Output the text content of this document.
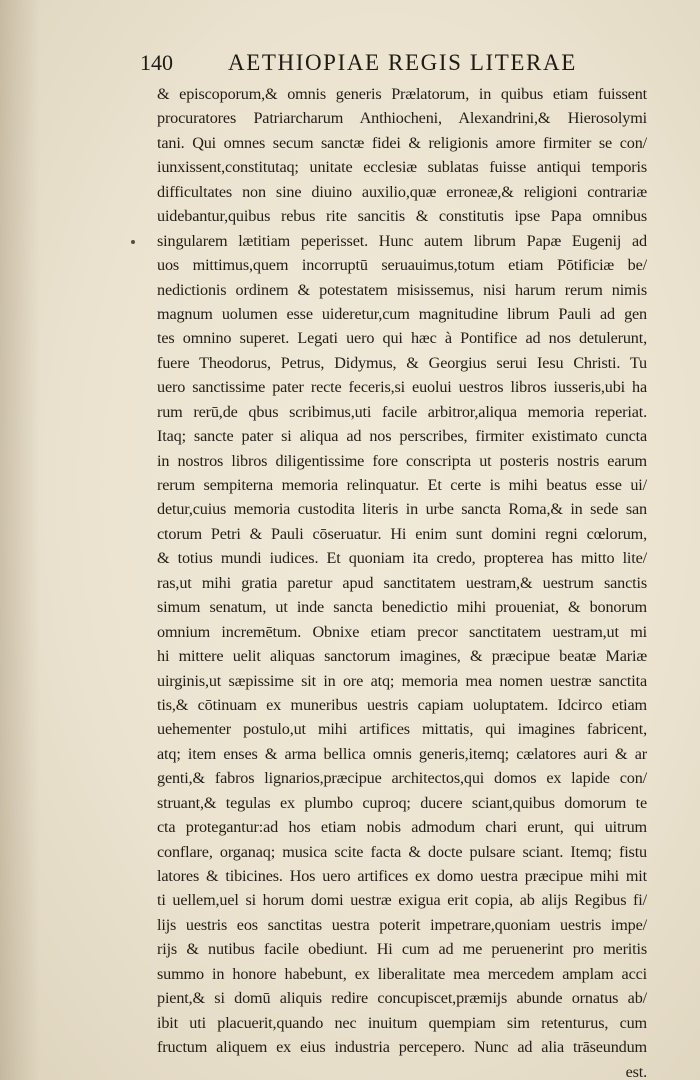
140 AETHIOPIAE REGIS LITERAE
& episcoporum,& omnis generis Prælatorum, in quibus etiam fuissent
procuratores Patriarcharum Anthiocheni, Alexandrini,& Hierosolymi
tani. Qui omnes secum sanctæ fidei & religionis amore firmiter se con/
iunxissent,constitutaq; unitate ecclesiæ sublatas fuisse antiqui temporis
difficultates non sine diuino auxilio,quæ erroneæ,& religioni contrariæ
uidebantur,quibus rebus rite sancitis & constitutis ipse Papa omnibus
singularem lætitiam peperisset. Hunc autem librum Papæ Eugenij ad
uos mittimus,quem incorruptū seruauimus,totum etiam Pōtificiæ be/
nedictionis ordinem & potestatem misissemus, nisi harum rerum nimis
magnum uolumen esse uideretur,cum magnitudine librum Pauli ad gen
tes omnino superet. Legati uero qui hæc à Pontifice ad nos detulerunt,
fuere Theodorus, Petrus, Didymus, & Georgius serui Iesu Christi. Tu
uero sanctissime pater recte feceris,si euolui uestros libros iusseris,ubi ha
rum rerū,de qbus scribimus,uti facile arbitror,aliqua memoria reperiat.
Itaq; sancte pater si aliqua ad nos perscribes, firmiter existimato cuncta
in nostros libros diligentissime fore conscripta ut posteris nostris earum
rerum sempiterna memoria relinquatur. Et certe is mihi beatus esse ui/
detur,cuius memoria custodita literis in urbe sancta Roma,& in sede san
ctorum Petri & Pauli cōseruatur. Hi enim sunt domini regni cœlorum,
& totius mundi iudices. Et quoniam ita credo, propterea has mitto lite/
ras,ut mihi gratia paretur apud sanctitatem uestram,& uestrum sanctis
simum senatum, ut inde sancta benedictio mihi proueniat, & bonorum
omnium incremētum. Obnixe etiam precor sanctitatem uestram,ut mi
hi mittere uelit aliquas sanctorum imagines, & præcipue beatæ Mariæ
uirginis,ut sæpissime sit in ore atq; memoria mea nomen uestræ sanctita
tis,& cōtinuam ex muneribus uestris capiam uoluptatem. Idcirco etiam
uehementer postulo,ut mihi artifices mittatis, qui imagines fabricent,
atq; item enses & arma bellica omnis generis,itemq; cælatores auri & ar
genti,& fabros lignarios,præcipue architectos,qui domos ex lapide con/
struant,& tegulas ex plumbo cuproq; ducere sciant,quibus domorum te
cta protegantur:ad hos etiam nobis admodum chari erunt, qui uitrum
conflare, organaq; musica scite facta & docte pulsare sciant. Itemq; fistu
latores & tibicines. Hos uero artifices ex domo uestra præcipue mihi mit
ti uellem,uel si horum domi uestræ exigua erit copia, ab alijs Regibus fi/
lijs uestris eos sanctitas uestra poterit impetrare,quoniam uestris impe/
rijs & nutibus facile obediunt. Hi cum ad me peruenerint pro meritis
summo in honore habebunt, ex liberalitate mea mercedem amplam acci
pient,& si domū aliquis redire concupiscet,præmijs abunde ornatus ab/
ibit uti placuerit,quando nec inuitum quempiam sim retenturus, cum
fructum aliquem ex eius industria percepero. Nunc ad alia trāseundum
est.
